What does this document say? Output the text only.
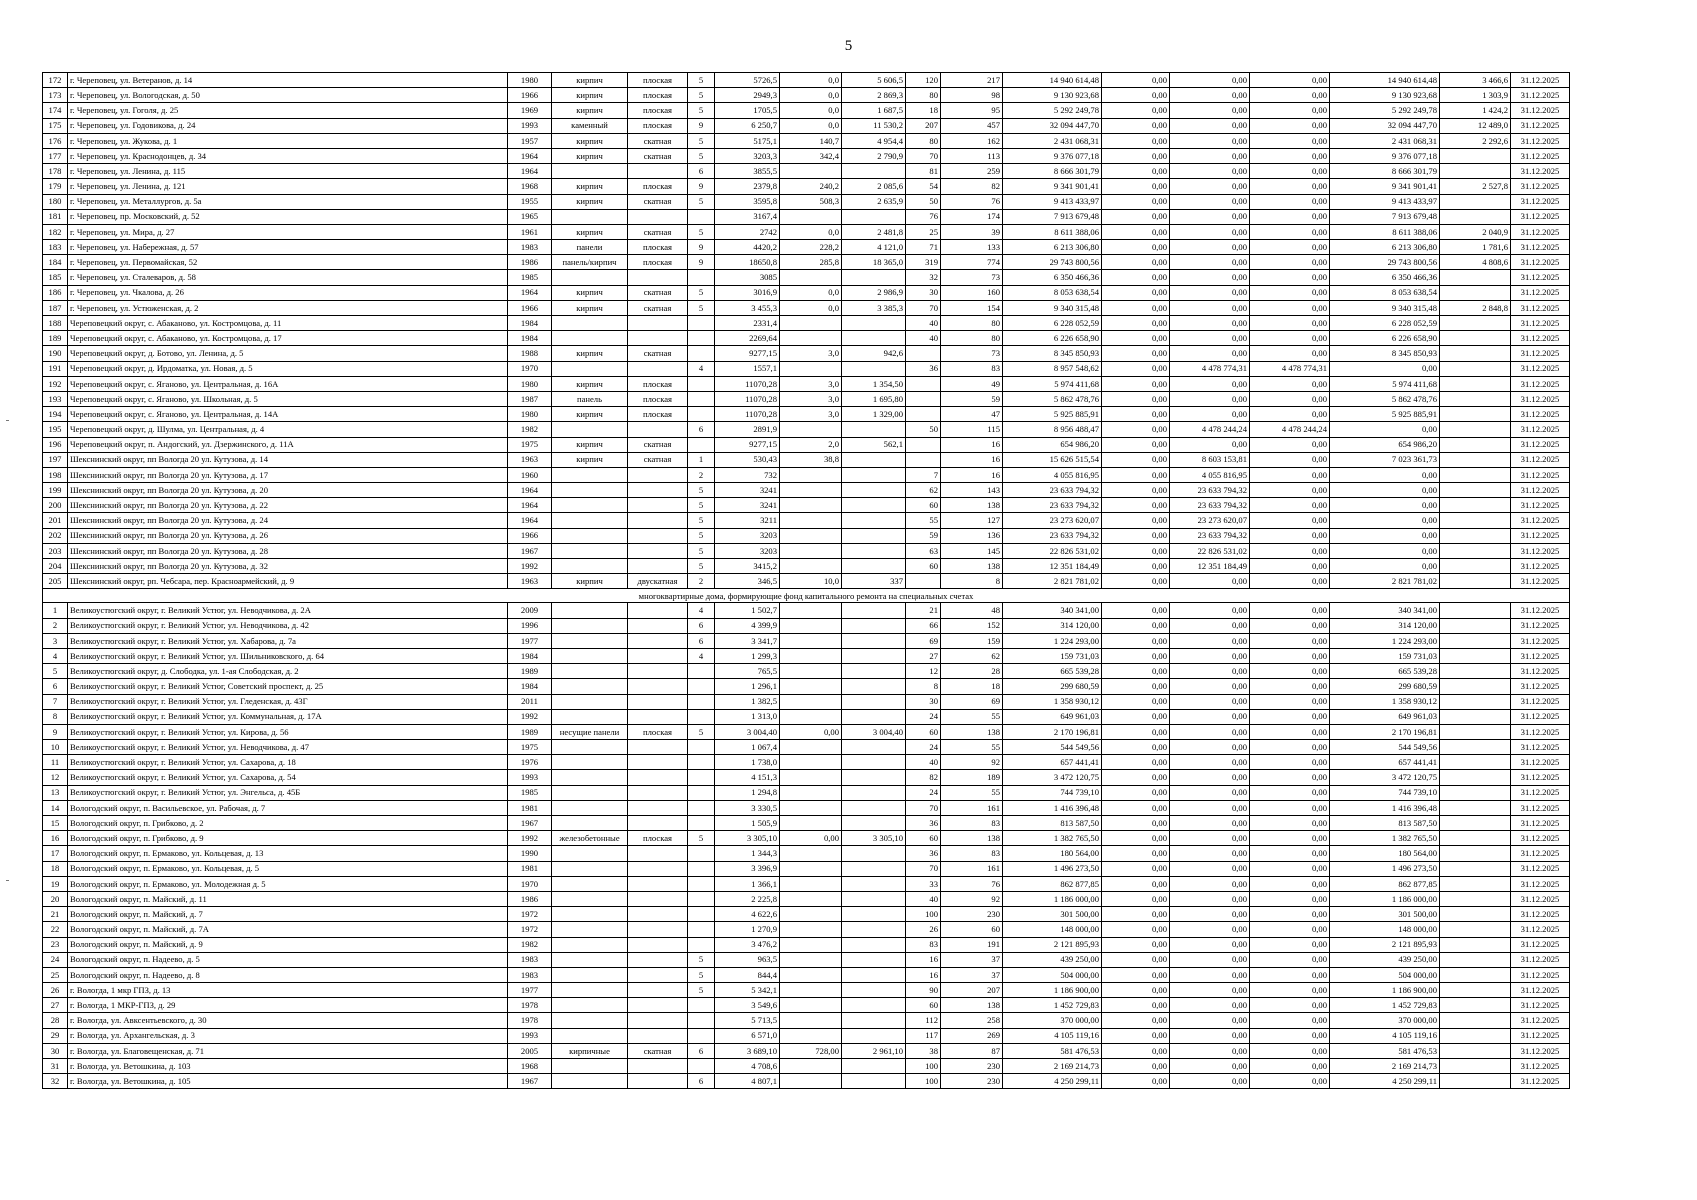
5
172	г. Череповец, ул. Ветеранов, д. 14	1980	кирпич	плоская	5	5726,5	0,0	5 606,5	120	217	14 940 614,48	0,00	0,00	0,00	14 940 614,48	3 466,6	31.12.2025
173	г. Череповец, ул. Вологодская, д. 50	1966	кирпич	плоская	5	2949,3	0,0	2 869,3	80	98	9 130 923,68	0,00	0,00	0,00	9 130 923,68	1 303,9	31.12.2025
174	г. Череповец, ул. Гоголя, д. 25	1969	кирпич	плоская	5	1705,5	0,0	1 687,5	18	95	5 292 249,78	0,00	0,00	0,00	5 292 249,78	1 424,2	31.12.2025
175	г. Череповец, ул. Годовикова, д. 24	1993	каменный	плоская	9	6 250,7	0,0	11 530,2	207	457	32 094 447,70	0,00	0,00	0,00	32 094 447,70	12 489,0	31.12.2025
176	г. Череповец, ул. Жукова, д. 1	1957	кирпич	скатная	5	5175,1	140,7	4 954,4	80	162	2 431 068,31	0,00	0,00	0,00	2 431 068,31	2 292,6	31.12.2025
177	г. Череповец, ул. Краснодонцев, д. 34	1964	кирпич	скатная	5	3203,3	342,4	2 790,9	70	113	9 376 077,18	0,00	0,00	0,00	9 376 077,18		31.12.2025
178	г. Череповец, ул. Ленина, д. 115	1964			6	3855,5			81	259	8 666 301,79	0,00	0,00	0,00	8 666 301,79		31.12.2025
179	г. Череповец, ул. Ленина, д. 121	1968	кирпич	плоская	9	2379,8	240,2	2 085,6	54	82	9 341 901,41	0,00	0,00	0,00	9 341 901,41	2 527,8	31.12.2025
180	г. Череповец, ул. Металлургов, д. 5а	1955	кирпич	скатная	5	3595,8	508,3	2 635,9	50	76	9 413 433,97	0,00	0,00	0,00	9 413 433,97		31.12.2025
181	г. Череповец, пр. Московский, д. 52	1965				3167,4			76	174	7 913 679,48	0,00	0,00	0,00	7 913 679,48		31.12.2025
182	г. Череповец, ул. Мира, д. 27	1961	кирпич	скатная	5	2742	0,0	2 481,8	25	39	8 611 388,06	0,00	0,00	0,00	8 611 388,06	2 040,9	31.12.2025
183	г. Череповец, ул. Набережная, д. 57	1983	панели	плоская	9	4420,2	228,2	4 121,0	71	133	6 213 306,80	0,00	0,00	0,00	6 213 306,80	1 781,6	31.12.2025
184	г. Череповец, ул. Первомайская, 52	1986	панель/кирпич	плоская	9	18650,8	285,8	18 365,0	319	774	29 743 800,56	0,00	0,00	0,00	29 743 800,56	4 808,6	31.12.2025
185	г. Череповец, ул. Сталеваров, д. 58	1985				3085			32	73	6 350 466,36	0,00	0,00	0,00	6 350 466,36		31.12.2025
186	г. Череповец, ул. Чкалова, д. 26	1964	кирпич	скатная	5	3016,9	0,0	2 986,9	30	160	8 053 638,54	0,00	0,00	0,00	8 053 638,54		31.12.2025
187	г. Череповец, ул. Устюженская, д. 2	1966	кирпич	скатная	5	3 455,3	0,0	3 385,3	70	154	9 340 315,48	0,00	0,00	0,00	9 340 315,48	2 848,8	31.12.2025
188	Череповецкий округ, с. Абаканово, ул. Костромцова, д. 11	1984				2331,4			40	80	6 228 052,59	0,00	0,00	0,00	6 228 052,59		31.12.2025
189	Череповецкий округ, с. Абаканово, ул. Костромцова, д. 17	1984				2269,64			40	80	6 226 658,90	0,00	0,00	0,00	6 226 658,90		31.12.2025
190	Череповецкий округ, д. Ботово, ул. Ленина, д. 5	1988	кирпич	скатная		9277,15	3,0	942,6		73	8 345 850,93	0,00	0,00	0,00	8 345 850,93		31.12.2025
191	Череповецкий округ, д. Ирдоматка, ул. Новая, д. 5	1970			4	1557,1			36	83	8 957 548,62	0,00	4 478 774,31	4 478 774,31	0,00		31.12.2025
192	Череповецкий округ, с. Яганово, ул. Центральная, д. 16А	1980	кирпич	плоская		11070,28	3,0	1 354,50		49	5 974 411,68	0,00	0,00	0,00	5 974 411,68		31.12.2025
193	Череповецкий округ, с. Яганово, ул. Школьная, д. 5	1987	панель	плоская		11070,28	3,0	1 695,80		59	5 862 478,76	0,00	0,00	0,00	5 862 478,76		31.12.2025
194	Череповецкий округ, с. Яганово, ул. Центральная, д. 14А	1980	кирпич	плоская		11070,28	3,0	1 329,00		47	5 925 885,91	0,00	0,00	0,00	5 925 885,91		31.12.2025
195	Череповецкий округ, д. Шулма, ул. Центральная, д. 4	1982			6	2891,9			50	115	8 956 488,47	0,00	4 478 244,24	4 478 244,24	0,00		31.12.2025
196	Череповецкий округ, п. Андогский, ул. Дзержинского, д. 11А	1975	кирпич	скатная		9277,15	2,0	562,1		16	654 986,20	0,00	0,00	0,00	654 986,20		31.12.2025
197	Шекснинский округ, пп Вологда 20 ул. Кутузова, д. 14	1963	кирпич	скатная	1	530,43	38,8			16	15 626 515,54	0,00	8 603 153,81	0,00	7 023 361,73		31.12.2025
198	Шекснинский округ, пп Вологда 20 ул. Кутузова, д. 17	1960			2	732			7	16	4 055 816,95	0,00	4 055 816,95	0,00	0,00		31.12.2025
199	Шекснинский округ, пп Вологда 20 ул. Кутузова, д. 20	1964			5	3241			62	143	23 633 794,32	0,00	23 633 794,32	0,00	0,00		31.12.2025
200	Шекснинский округ, пп Вологда 20 ул. Кутузова, д. 22	1964			5	3241			60	138	23 633 794,32	0,00	23 633 794,32	0,00	0,00		31.12.2025
201	Шекснинский округ, пп Вологда 20 ул. Кутузова, д. 24	1964			5	3211			55	127	23 273 620,07	0,00	23 273 620,07	0,00	0,00		31.12.2025
202	Шекснинский округ, пп Вологда 20 ул. Кутузова, д. 26	1966			5	3203			59	136	23 633 794,32	0,00	23 633 794,32	0,00	0,00		31.12.2025
203	Шекснинский округ, пп Вологда 20 ул. Кутузова, д. 28	1967			5	3203			63	145	22 826 531,02	0,00	22 826 531,02	0,00	0,00		31.12.2025
204	Шекснинский округ, пп Вологда 20 ул. Кутузова, д. 32	1992			5	3415,2			60	138	12 351 184,49	0,00	12 351 184,49	0,00	0,00		31.12.2025
205	Шекснинский округ, рп. Чебсара, пер. Красноармейский, д. 9	1963	кирпич	двускатная	2	346,5	10,0	337		8	2 821 781,02	0,00	0,00	0,00	2 821 781,02		31.12.2025
многоквартирные дома, формирующие фонд капитального ремонта на специальных счетах																	
1	Великоустюгский округ, г. Великий Устюг, ул. Неводчикова, д. 2А	2009			4	1 502,7			21	48	340 341,00	0,00	0,00	0,00	340 341,00		31.12.2025
2	Великоустюгский округ, г. Великий Устюг, ул. Неводчикова, д. 42	1996			6	4 399,9			66	152	314 120,00	0,00	0,00	0,00	314 120,00		31.12.2025
3	Великоустюгский округ, г. Великий Устюг, ул. Хабарова, д. 7а	1977			6	3 341,7			69	159	1 224 293,00	0,00	0,00	0,00	1 224 293,00		31.12.2025
4	Великоустюгский округ, г. Великий Устюг, ул. Шильниковского, д. 64	1984			4	1 299,3			27	62	159 731,03	0,00	0,00	0,00	159 731,03		31.12.2025
5	Великоустюгский округ, д. Слободка, ул. 1-ая Слободская, д. 2	1989				765,5			12	28	665 539,28	0,00	0,00	0,00	665 539,28		31.12.2025
6	Великоустюгский округ, г. Великий Устюг, Советский проспект, д. 25	1984				1 296,1			8	18	299 680,59	0,00	0,00	0,00	299 680,59		31.12.2025
7	Великоустюгский округ, г. Великий Устюг, ул. Гледенская, д. 43Г	2011				1 382,5			30	69	1 358 930,12	0,00	0,00	0,00	1 358 930,12		31.12.2025
8	Великоустюгский округ, г. Великий Устюг, ул. Коммунальная, д. 17А	1992				1 313,0			24	55	649 961,03	0,00	0,00	0,00	649 961,03		31.12.2025
9	Великоустюгский округ, г. Великий Устюг, ул. Кирова, д. 56	1989	несущие панели	плоская	5	3 004,40	0,00	3 004,40	60	138	2 170 196,81	0,00	0,00	0,00	2 170 196,81		31.12.2025
10	Великоустюгский округ, г. Великий Устюг, ул. Неводчикова, д. 47	1975				1 067,4			24	55	544 549,56	0,00	0,00	0,00	544 549,56		31.12.2025
11	Великоустюгский округ, г. Великий Устюг, ул. Сахарова, д. 18	1976				1 738,0			40	92	657 441,41	0,00	0,00	0,00	657 441,41		31.12.2025
12	Великоустюгский округ, г. Великий Устюг, ул. Сахарова, д. 54	1993				4 151,3			82	189	3 472 120,75	0,00	0,00	0,00	3 472 120,75		31.12.2025
13	Великоустюгский округ, г. Великий Устюг, ул. Энгельса, д. 45Б	1985				1 294,8			24	55	744 739,10	0,00	0,00	0,00	744 739,10		31.12.2025
14	Вологодский округ, п. Васильевское, ул. Рабочая, д. 7	1981				3 330,5			70	161	1 416 396,48	0,00	0,00	0,00	1 416 396,48		31.12.2025
15	Вологодский округ, п. Грибково, д. 2	1967				1 505,9			36	83	813 587,50	0,00	0,00	0,00	813 587,50		31.12.2025
16	Вологодский округ, п. Грибково, д. 9	1992	железобетонные	плоская	5	3 305,10	0,00	3 305,10	60	138	1 382 765,50	0,00	0,00	0,00	1 382 765,50		31.12.2025
17	Вологодский округ, п. Ермаково, ул. Кольцевая, д. 13	1990				1 344,3			36	83	180 564,00	0,00	0,00	0,00	180 564,00		31.12.2025
18	Вологодский округ, п. Ермаково, ул. Кольцевая, д. 5	1981				3 396,9			70	161	1 496 273,50	0,00	0,00	0,00	1 496 273,50		31.12.2025
19	Вологодский округ, п. Ермаково, ул. Молодежная д. 5	1970				1 366,1			33	76	862 877,85	0,00	0,00	0,00	862 877,85		31.12.2025
20	Вологодский округ, п. Майский, д. 11	1986				2 225,8			40	92	1 186 000,00	0,00	0,00	0,00	1 186 000,00		31.12.2025
21	Вологодский округ, п. Майский, д. 7	1972				4 622,6			100	230	301 500,00	0,00	0,00	0,00	301 500,00		31.12.2025
22	Вологодский округ, п. Майский, д. 7А	1972				1 270,9			26	60	148 000,00	0,00	0,00	0,00	148 000,00		31.12.2025
23	Вологодский округ, п. Майский, д. 9	1982				3 476,2			83	191	2 121 895,93	0,00	0,00	0,00	2 121 895,93		31.12.2025
24	Вологодский округ, п. Надеево, д. 5	1983			5	963,5			16	37	439 250,00	0,00	0,00	0,00	439 250,00		31.12.2025
25	Вологодский округ, п. Надеево, д. 8	1983			5	844,4			16	37	504 000,00	0,00	0,00	0,00	504 000,00		31.12.2025
26	г. Вологда, 1 мкр ГПЗ, д. 13	1977			5	5 342,1			90	207	1 186 900,00	0,00	0,00	0,00	1 186 900,00		31.12.2025
27	г. Вологда, 1 МКР-ГПЗ, д. 29	1978				3 549,6			60	138	1 452 729,83	0,00	0,00	0,00	1 452 729,83		31.12.2025
28	г. Вологда, ул. Авксентьевского, д. 30	1978				5 713,5			112	258	370 000,00	0,00	0,00	0,00	370 000,00		31.12.2025
29	г. Вологда, ул. Архангельская, д. 3	1993				6 571,0			117	269	4 105 119,16	0,00	0,00	0,00	4 105 119,16		31.12.2025
30	г. Вологда, ул. Благовещенская, д. 71	2005	кирпичные	скатная	6	3 689,10	728,00	2 961,10	38	87	581 476,53	0,00	0,00	0,00	581 476,53		31.12.2025
31	г. Вологда, ул. Ветошкина, д. 103	1968				4 708,6			100	230	2 169 214,73	0,00	0,00	0,00	2 169 214,73		31.12.2025
32	г. Вологда, ул. Ветошкина, д. 105	1967			6	4 807,1			100	230	4 250 299,11	0,00	0,00	0,00	4 250 299,11		31.12.2025
